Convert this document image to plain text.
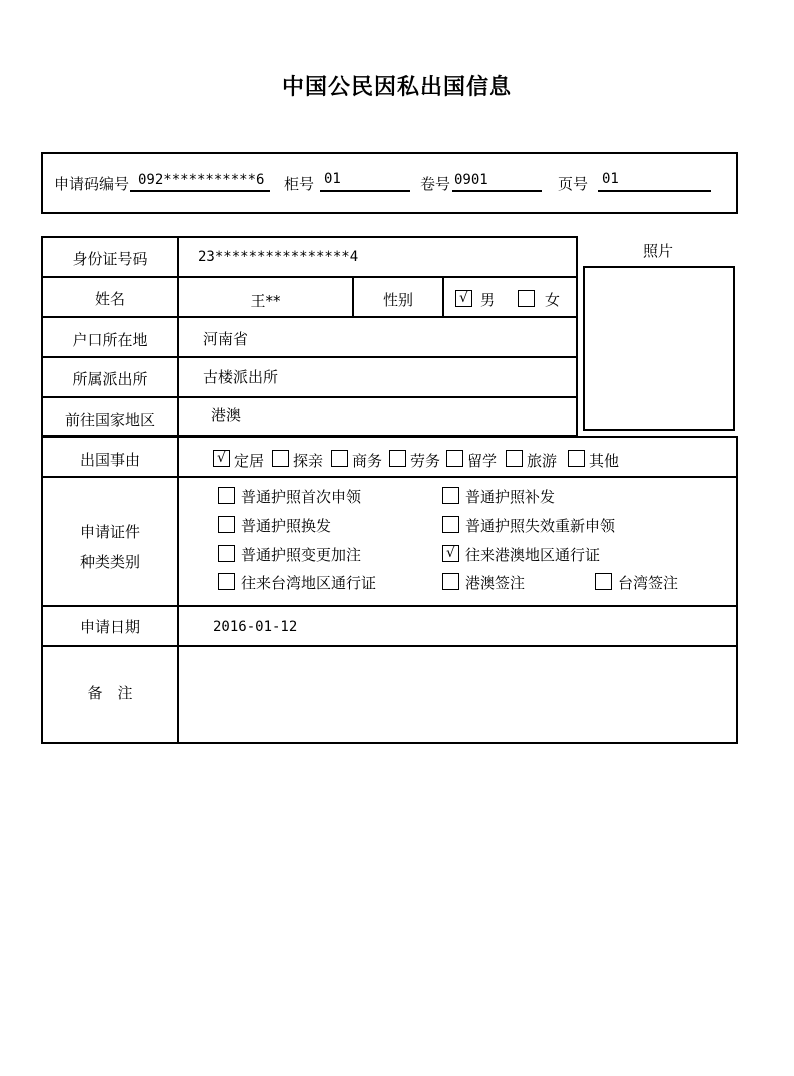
中国公民因私出国信息
申请码编号 092***********6 柜号 01	卷号 0901	页号 01
照片
身份证号码	23****************4
姓名	王**	性别	√ 男	女
户口所在地	河南省
所属派出所	古楼派出所
前往国家地区	港澳
出国事由	√ 定居 探亲 商务 劳务 留学 旅游 其他
申请证件
种类类别
普通护照首次申领	普通护照补发
普通护照换发	普通护照失效重新申领
普通护照变更加注	√ 往来港澳地区通行证
往来台湾地区通行证	港澳签注	台湾签注
申请日期	2016-01-12
备　注
